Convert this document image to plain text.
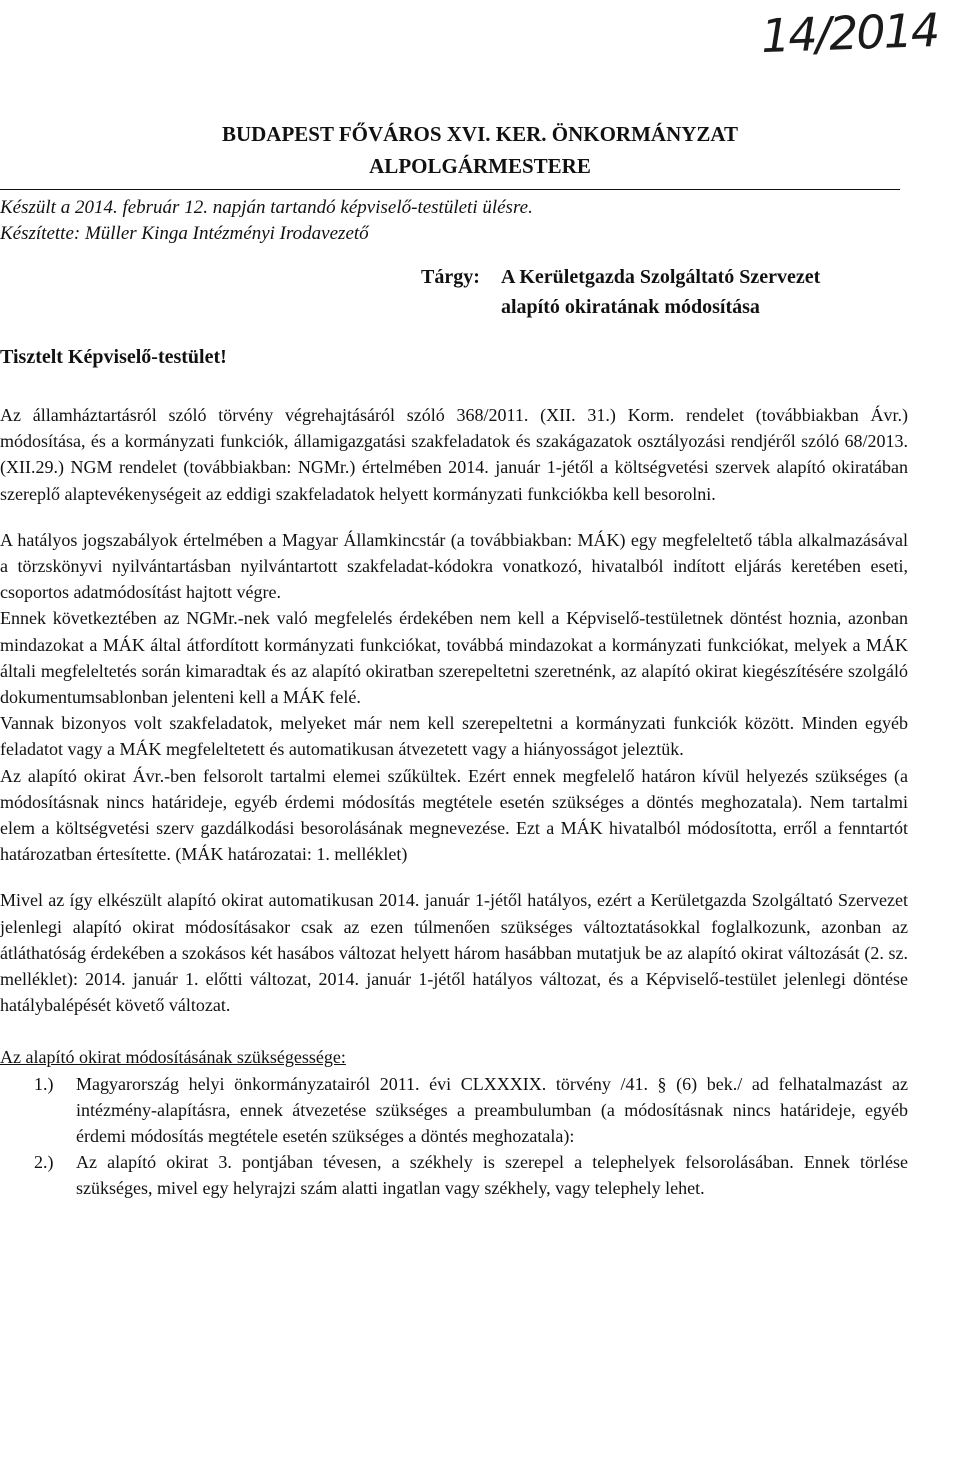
14/2014
BUDAPEST FŐVÁROS XVI. KER. ÖNKORMÁNYZAT
ALPOLGÁRMESTERE
Készült a 2014. február 12. napján tartandó képviselő-testületi ülésre.
Készítette: Müller Kinga Intézményi Irodavezető
Tárgy: A Kerületgazda Szolgáltató Szervezet
alapító okiratának módosítása
Tisztelt Képviselő-testület!

Az államháztartásról szóló törvény végrehajtásáról szóló 368/2011. (XII. 31.) Korm. rendelet (továbbiakban Ávr.) módosítása, és a kormányzati funkciók, államigazgatási szakfeladatok és szakágazatok osztályozási rendjéről szóló 68/2013. (XII.29.) NGM rendelet (továbbiakban: NGMr.) értelmében 2014. január 1-jétől a költségvetési szervek alapító okiratában szereplő alaptevékenységeit az eddigi szakfeladatok helyett kormányzati funkciókba kell besorolni.

A hatályos jogszabályok értelmében a Magyar Államkincstár (a továbbiakban: MÁK) egy megfeleltető tábla alkalmazásával a törzskönyvi nyilvántartásban nyilvántartott szakfeladat-kódokra vonatkozó, hivatalból indított eljárás keretében eseti, csoportos adatmódosítást hajtott végre.

Ennek következtében az NGMr.-nek való megfelelés érdekében nem kell a Képviselő-testületnek döntést hoznia, azonban mindazokat a MÁK által átfordított kormányzati funkciókat, továbbá mindazokat a kormányzati funkciókat, melyek a MÁK általi megfeleltetés során kimaradtak és az alapító okiratban szerepeltetni szeretnénk, az alapító okirat kiegészítésére szolgáló dokumentumsablonban jelenteni kell a MÁK felé.

Vannak bizonyos volt szakfeladatok, melyeket már nem kell szerepeltetni a kormányzati funkciók között. Minden egyéb feladatot vagy a MÁK megfeleltetett és automatikusan átvezetett vagy a hiányosságot jeleztük.

Az alapító okirat Ávr.-ben felsorolt tartalmi elemei szűkültek. Ezért ennek megfelelő határon kívül helyezés szükséges (a módosításnak nincs határideje, egyéb érdemi módosítás megtétele esetén szükséges a döntés meghozatala). Nem tartalmi elem a költségvetési szerv gazdálkodási besorolásának megnevezése. Ezt a MÁK hivatalból módosította, erről a fenntartót határozatban értesítette. (MÁK határozatai: 1. melléklet)

Mivel az így elkészült alapító okirat automatikusan 2014. január 1-jétől hatályos, ezért a Kerületgazda Szolgáltató Szervezet jelenlegi alapító okirat módosításakor csak az ezen túlmenően szükséges változtatásokkal foglalkozunk, azonban az átláthatóság érdekében a szokásos két hasábos változat helyett három hasábban mutatjuk be az alapító okirat változását (2. sz. melléklet): 2014. január 1. előtti változat, 2014. január 1-jétől hatályos változat, és a Képviselő-testület jelenlegi döntése hatálybalépését követő változat.

Az alapító okirat módosításának szükségessége:

1.) Magyarország helyi önkormányzatairól 2011. évi CLXXXIX. törvény /41. § (6) bek./ ad felhatalmazást az intézmény-alapításra, ennek átvezetése szükséges a preambulumban (a módosításnak nincs határideje, egyéb érdemi módosítás megtétele esetén szükséges a döntés meghozatala):
2.) Az alapító okirat 3. pontjában tévesen, a székhely is szerepel a telephelyek felsorolásában. Ennek törlése szükséges, mivel egy helyrajzi szám alatti ingatlan vagy székhely, vagy telephely lehet.
